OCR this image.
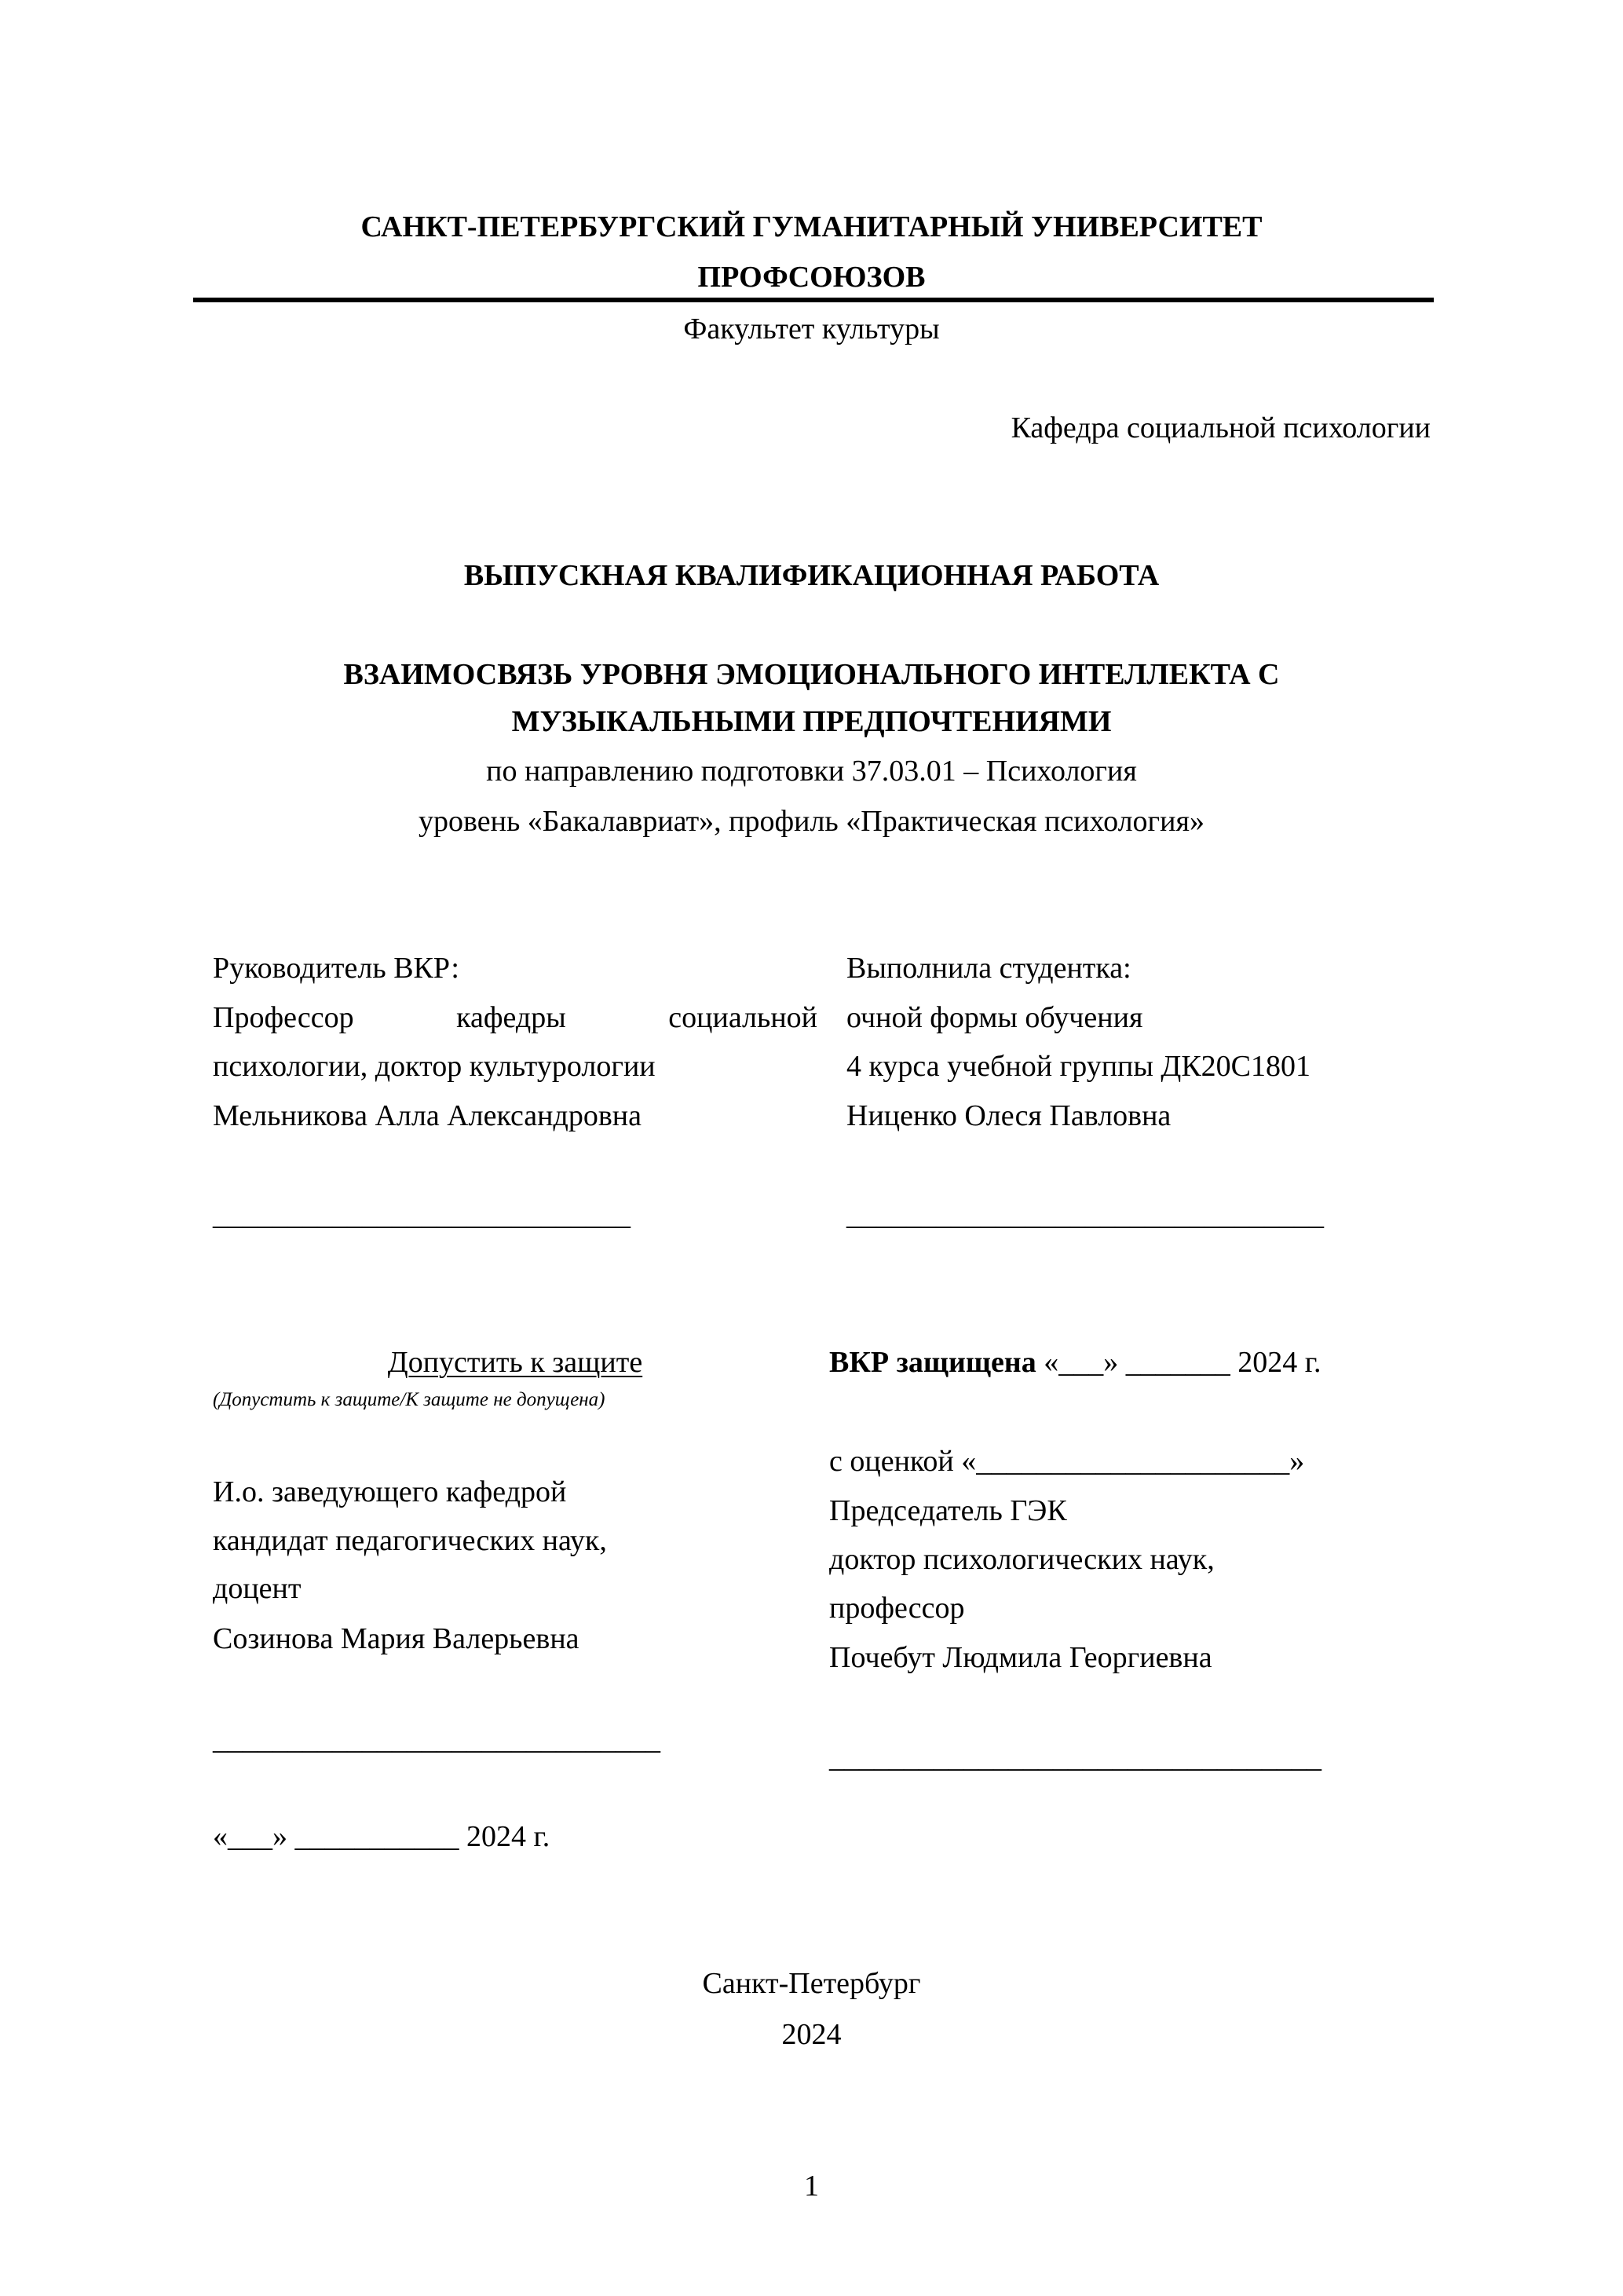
САНКТ-ПЕТЕРБУРГСКИЙ ГУМАНИТАРНЫЙ УНИВЕРСИТЕТ
ПРОФСОЮЗОВ
Факультет культуры
Кафедра социальной психологии
ВЫПУСКНАЯ КВАЛИФИКАЦИОННАЯ РАБОТА
ВЗАИМОСВЯЗЬ УРОВНЯ ЭМОЦИОНАЛЬНОГО ИНТЕЛЛЕКТА С
МУЗЫКАЛЬНЫМИ ПРЕДПОЧТЕНИЯМИ
по направлению подготовки 37.03.01 – Психология
уровень «Бакалавриат», профиль «Практическая психология»
Руководитель ВКР:
Профессор	кафедры	социальной
психологии, доктор культурологии
Мельникова Алла Александровна
____________________________
Выполнила студентка:
очной формы обучения
4 курса учебной группы ДК20С1801
Ниценко Олеся Павловна
________________________________
Допустить к защите
(Допустить к защите/К защите не допущена)
И.о. заведующего кафедрой
кандидат педагогических наук,
доцент
Созинова Мария Валерьевна
______________________________
«___» ___________ 2024 г.
ВКР защищена «___» _______ 2024 г.
с оценкой «_____________________»
Председатель ГЭК
доктор психологических наук,
профессор
Почебут Людмила Георгиевна
_________________________________
Санкт-Петербург
2024
1
